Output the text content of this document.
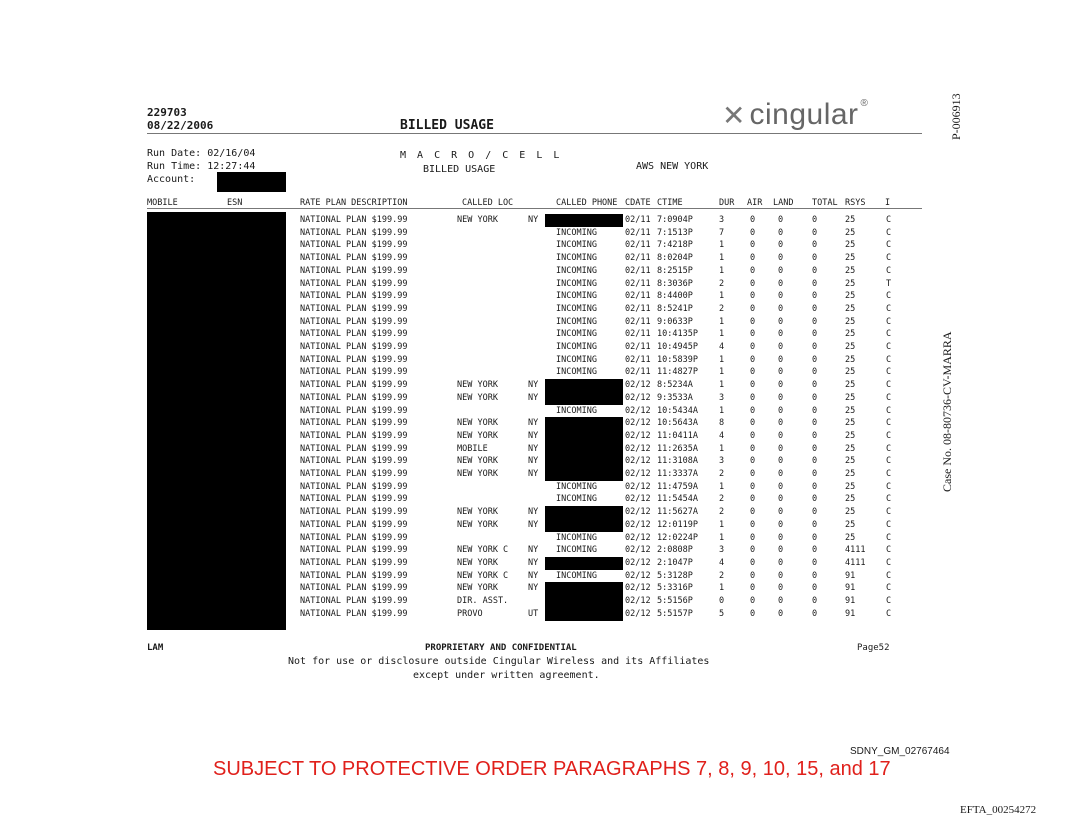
229703
08/22/2006	BILLED USAGE	✕ cingular ®
Run Date: 02/16/04
Run Time: 12:27:44
Account:
M A C R O / C E L L
BILLED USAGE	AWS NEW YORK
MOBILE	ESN	RATE PLAN DESCRIPTION	CALLED LOC	CALLED PHONE CDATE CTIME	DUR AIR LAND TOTAL RSYS I
NATIONAL PLAN $199.99	NEW YORK	NY	02/11 7:0904P	3	0	0	0	25	C
NATIONAL PLAN $199.99	INCOMING	02/11 7:1513P	7	0	0	0	25	C
NATIONAL PLAN $199.99	INCOMING	02/11 7:4218P	1	0	0	0	25	C
NATIONAL PLAN $199.99	INCOMING	02/11 8:0204P	1	0	0	0	25	C
NATIONAL PLAN $199.99	INCOMING	02/11 8:2515P	1	0	0	0	25	C
NATIONAL PLAN $199.99	INCOMING	02/11 8:3036P	2	0	0	0	25	T
NATIONAL PLAN $199.99	INCOMING	02/11 8:4400P	1	0	0	0	25	C
NATIONAL PLAN $199.99	INCOMING	02/11 8:5241P	2	0	0	0	25	C
NATIONAL PLAN $199.99	INCOMING	02/11 9:0633P	1	0	0	0	25	C
NATIONAL PLAN $199.99	INCOMING	02/11 10:4135P 1	0	0	0	25	C
NATIONAL PLAN $199.99	INCOMING	02/11 10:4945P 4	0	0	0	25	C
NATIONAL PLAN $199.99	INCOMING	02/11 10:5839P 1	0	0	0	25	C
NATIONAL PLAN $199.99	INCOMING	02/11 11:4827P 1	0	0	0	25	C
NATIONAL PLAN $199.99	NEW YORK	NY	02/12 8:5234A	1	0	0	0	25	C
NATIONAL PLAN $199.99	NEW YORK	NY	02/12 9:3533A	3	0	0	0	25	C
NATIONAL PLAN $199.99	INCOMING	02/12 10:5434A 1	0	0	0	25	C
NATIONAL PLAN $199.99	NEW YORK	NY	02/12 10:5643A 8	0	0	0	25	C
NATIONAL PLAN $199.99	NEW YORK	NY	02/12 11:0411A 4	0	0	0	25	C
NATIONAL PLAN $199.99	MOBILE	NY	02/12 11:2635A 1	0	0	0	25	C
NATIONAL PLAN $199.99	NEW YORK	NY	02/12 11:3108A 3	0	0	0	25	C
NATIONAL PLAN $199.99	NEW YORK	NY	02/12 11:3337A 2	0	0	0	25	C
NATIONAL PLAN $199.99	INCOMING	02/12 11:4759A 1	0	0	0	25	C
NATIONAL PLAN $199.99	INCOMING	02/12 11:5454A 2	0	0	0	25	C
NATIONAL PLAN $199.99	NEW YORK	NY	02/12 11:5627A 2	0	0	0	25	C
NATIONAL PLAN $199.99	NEW YORK	NY	02/12 12:0119P 1	0	0	0	25	C
NATIONAL PLAN $199.99	INCOMING	02/12 12:0224P 1	0	0	0	25	C
NATIONAL PLAN $199.99	NEW YORK C NY INCOMING	02/12 2:0808P	3	0	0	0	4111 C
NATIONAL PLAN $199.99	NEW YORK	NY	02/12 2:1047P	4	0	0	0	4111 C
NATIONAL PLAN $199.99	NEW YORK C NY INCOMING	02/12 5:3128P	2	0	0	0	91	C
NATIONAL PLAN $199.99	NEW YORK	NY	02/12 5:3316P	1	0	0	0	91	C
NATIONAL PLAN $199.99	DIR. ASST.	02/12 5:5156P	0	0	0	0	91	C
NATIONAL PLAN $199.99	PROVO	UT	02/12 5:5157P	5	0	0	0	91	C
LAM	PROPRIETARY AND CONFIDENTIAL	Page52
Not for use or disclosure outside Cingular Wireless and its Affiliates
except under written agreement.
P-006913
Case No. 08-80736-CV-MARRA
SDNY_GM_02767464
SUBJECT TO PROTECTIVE ORDER PARAGRAPHS 7, 8, 9, 10, 15, and 17
EFTA_00254272
